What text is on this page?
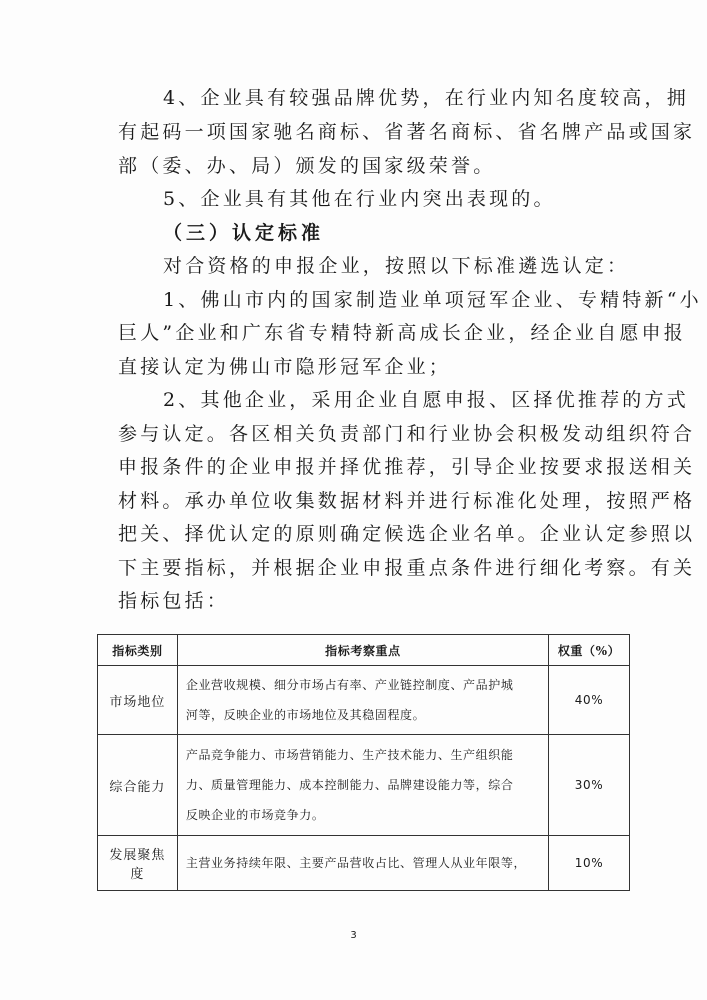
4、企业具有较强品牌优势，在行业内知名度较高，拥
有起码一项国家驰名商标、省著名商标、省名牌产品或国家
部（委、办、局）颁发的国家级荣誉。
5、企业具有其他在行业内突出表现的。
（三）认定标准
对合资格的申报企业，按照以下标准遴选认定：
1、佛山市内的国家制造业单项冠军企业、专精特新“小
巨人”企业和广东省专精特新高成长企业，经企业自愿申报
直接认定为佛山市隐形冠军企业；
2、其他企业，采用企业自愿申报、区择优推荐的方式
参与认定。各区相关负责部门和行业协会积极发动组织符合
申报条件的企业申报并择优推荐，引导企业按要求报送相关
材料。承办单位收集数据材料并进行标准化处理，按照严格
把关、择优认定的原则确定候选企业名单。企业认定参照以
下主要指标，并根据企业申报重点条件进行细化考察。有关
指标包括：
指标类别	指标考察重点	权重（%）
市场地位	企业营收规模、细分市场占有率、产业链控制度、产品护城
河等，反映企业的市场地位及其稳固程度。	40%
综合能力	产品竞争能力、市场营销能力、生产技术能力、生产组织能
力、质量管理能力、成本控制能力、品牌建设能力等，综合
反映企业的市场竞争力。	30%
发展聚焦度	主营业务持续年限、主要产品营收占比、管理人从业年限等，	10%
3
